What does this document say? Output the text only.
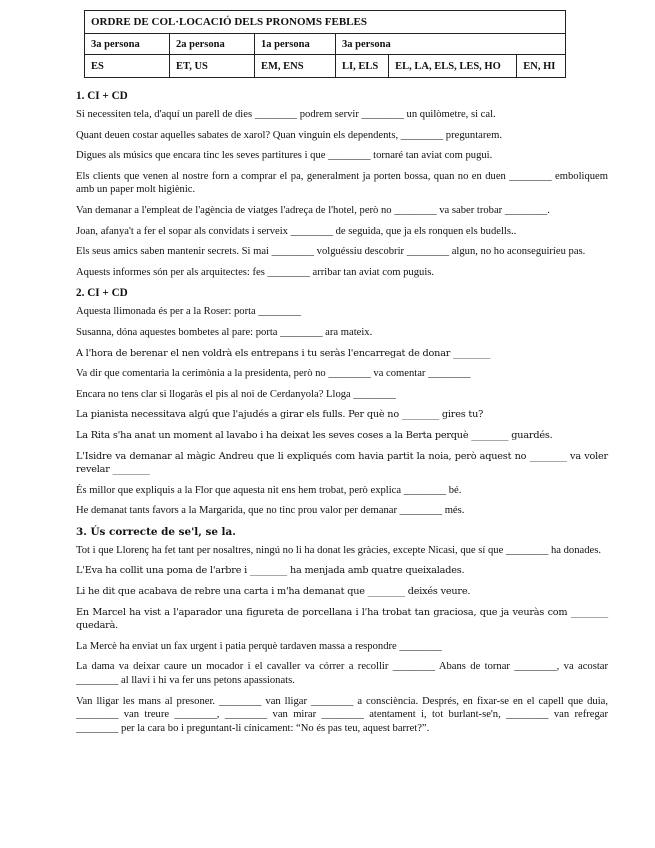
ORDRE DE COL·LOCACIÓ DELS PRONOMS FEBLES					
3a persona	2a persona	1a persona	3a persona		
ES	ET, US	EM, ENS	LI, ELS	EL, LA, ELS, LES, HO	EN, HI
1. CI + CD

Si necessiten tela, d'aquí un parell de dies ________ podrem servir ________ un quilòmetre, si cal.

Quant deuen costar aquelles sabates de xarol? Quan vinguin els dependents, ________ preguntarem.

Digues als músics que encara tinc les seves partitures i que ________ tornaré tan aviat com pugui.

Els clients que venen al nostre forn a comprar el pa, generalment ja porten bossa, quan no en duen ________ emboliquem amb un paper molt higiènic.

Van demanar a l'empleat de l'agència de viatges l'adreça de l'hotel, però no ________ va saber trobar ________.

Joan, afanya't a fer el sopar als convidats i serveix ________ de seguida, que ja els ronquen els budells..

Els seus amics saben mantenir secrets. Si mai ________ volguéssiu descobrir ________ algun, no ho aconseguiríeu pas.

Aquests informes són per als arquitectes: fes ________ arribar tan aviat com puguis.

2. CI + CD

Aquesta llimonada és per a la Roser: porta ________

Susanna, dóna aquestes bombetes al pare: porta ________ ara mateix.

A l'hora de berenar el nen voldrà els entrepans i tu seràs l'encarregat de donar ________

Va dir que comentaria la cerimònia a la presidenta, però no ________ va comentar ________

Encara no tens clar si llogaràs el pis al noi de Cerdanyola? Lloga ________

La pianista necessitava algú que l'ajudés a girar els fulls. Per què no ________ gires tu?

La Rita s'ha anat un moment al lavabo i ha deixat les seves coses a la Berta perquè ________ guardés.

L'Isidre va demanar al màgic Andreu que li expliqués com havia partit la noia, però aquest no ________ va voler revelar ________

És millor que expliquis a la Flor que aquesta nit ens hem trobat, però explica ________ bé.

He demanat tants favors a la Margarida, que no tinc prou valor per demanar ________ més.

3. Ús correcte de se'l, se la.

Tot i que Llorenç ha fet tant per nosaltres, ningú no li ha donat les gràcies, excepte Nicasi, que sí que ________ ha donades.

L'Eva ha collit una poma de l'arbre i ________ ha menjada amb quatre queixalades.

Li he dit que acabava de rebre una carta i m'ha demanat que ________ deixés veure.

En Marcel ha vist a l'aparador una figureta de porcellana i l'ha trobat tan graciosa, que ja veuràs com ________ quedarà.

La Mercè ha enviat un fax urgent i patia perquè tardaven massa a respondre ________

La dama va deixar caure un mocador i el cavaller va córrer a recollir ________ Abans de tornar ________, va acostar ________ al llavi i hi va fer uns petons apassionats.

Van lligar les mans al presoner. ________ van lligar ________ a consciència. Després, en fixar-se en el capell que duia, ________ van treure ________, ________ van mirar ________ atentament i, tot burlant-se'n, ________ van refregar ________ per la cara bo i preguntant-li cínicament: “No és pas teu, aquest barret?”.
